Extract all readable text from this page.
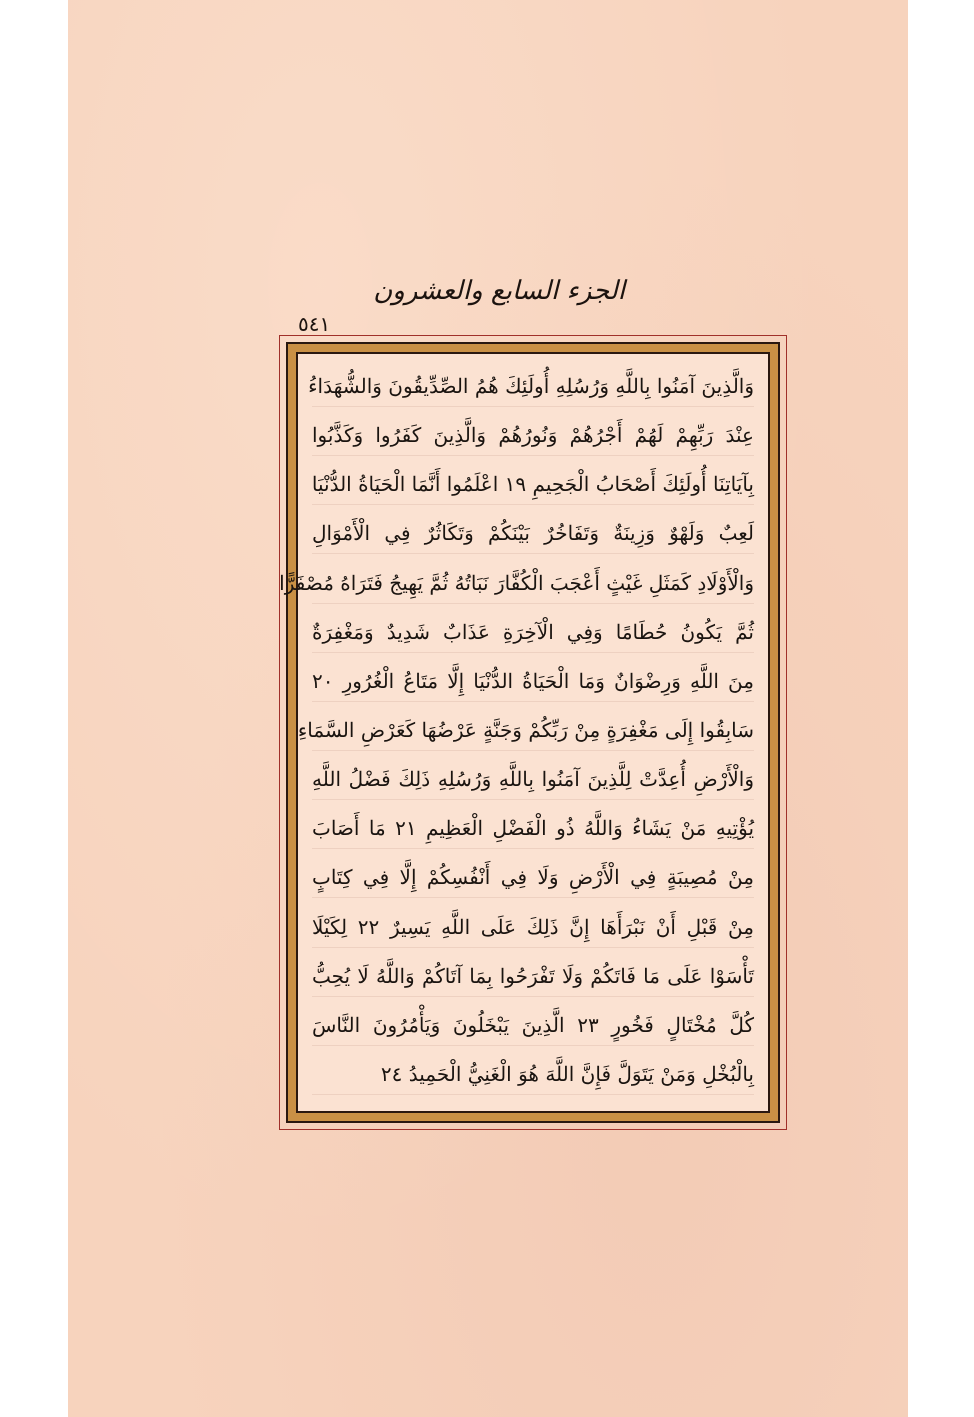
الجزء السابع والعشرون
٥٤١
وَالَّذِينَ آمَنُوا بِاللَّهِ وَرُسُلِهِ أُولَئِكَ هُمُ الصِّدِّيقُونَ وَالشُّهَدَاءُ
عِنْدَ رَبِّهِمْ لَهُمْ أَجْرُهُمْ وَنُورُهُمْ وَالَّذِينَ كَفَرُوا وَكَذَّبُوا
بِآيَاتِنَا أُولَئِكَ أَصْحَابُ الْجَحِيمِ ١٩ اعْلَمُوا أَنَّمَا الْحَيَاةُ الدُّنْيَا
لَعِبٌ وَلَهْوٌ وَزِينَةٌ وَتَفَاخُرٌ بَيْنَكُمْ وَتَكَاثُرٌ فِي الْأَمْوَالِ
وَالْأَوْلَادِ كَمَثَلِ غَيْثٍ أَعْجَبَ الْكُفَّارَ نَبَاتُهُ ثُمَّ يَهِيجُ فَتَرَاهُ مُصْفَرًّا
ثُمَّ يَكُونُ حُطَامًا وَفِي الْآخِرَةِ عَذَابٌ شَدِيدٌ وَمَغْفِرَةٌ
مِنَ اللَّهِ وَرِضْوَانٌ وَمَا الْحَيَاةُ الدُّنْيَا إِلَّا مَتَاعُ الْغُرُورِ ٢٠
سَابِقُوا إِلَى مَغْفِرَةٍ مِنْ رَبِّكُمْ وَجَنَّةٍ عَرْضُهَا كَعَرْضِ السَّمَاءِ
وَالْأَرْضِ أُعِدَّتْ لِلَّذِينَ آمَنُوا بِاللَّهِ وَرُسُلِهِ ذَلِكَ فَضْلُ اللَّهِ
يُؤْتِيهِ مَنْ يَشَاءُ وَاللَّهُ ذُو الْفَضْلِ الْعَظِيمِ ٢١ مَا أَصَابَ
مِنْ مُصِيبَةٍ فِي الْأَرْضِ وَلَا فِي أَنْفُسِكُمْ إِلَّا فِي كِتَابٍ
مِنْ قَبْلِ أَنْ نَبْرَأَهَا إِنَّ ذَلِكَ عَلَى اللَّهِ يَسِيرٌ ٢٢ لِكَيْلَا
تَأْسَوْا عَلَى مَا فَاتَكُمْ وَلَا تَفْرَحُوا بِمَا آتَاكُمْ وَاللَّهُ لَا يُحِبُّ
كُلَّ مُخْتَالٍ فَخُورٍ ٢٣ الَّذِينَ يَبْخَلُونَ وَيَأْمُرُونَ النَّاسَ
بِالْبُخْلِ وَمَنْ يَتَوَلَّ فَإِنَّ اللَّهَ هُوَ الْغَنِيُّ الْحَمِيدُ ٢٤
